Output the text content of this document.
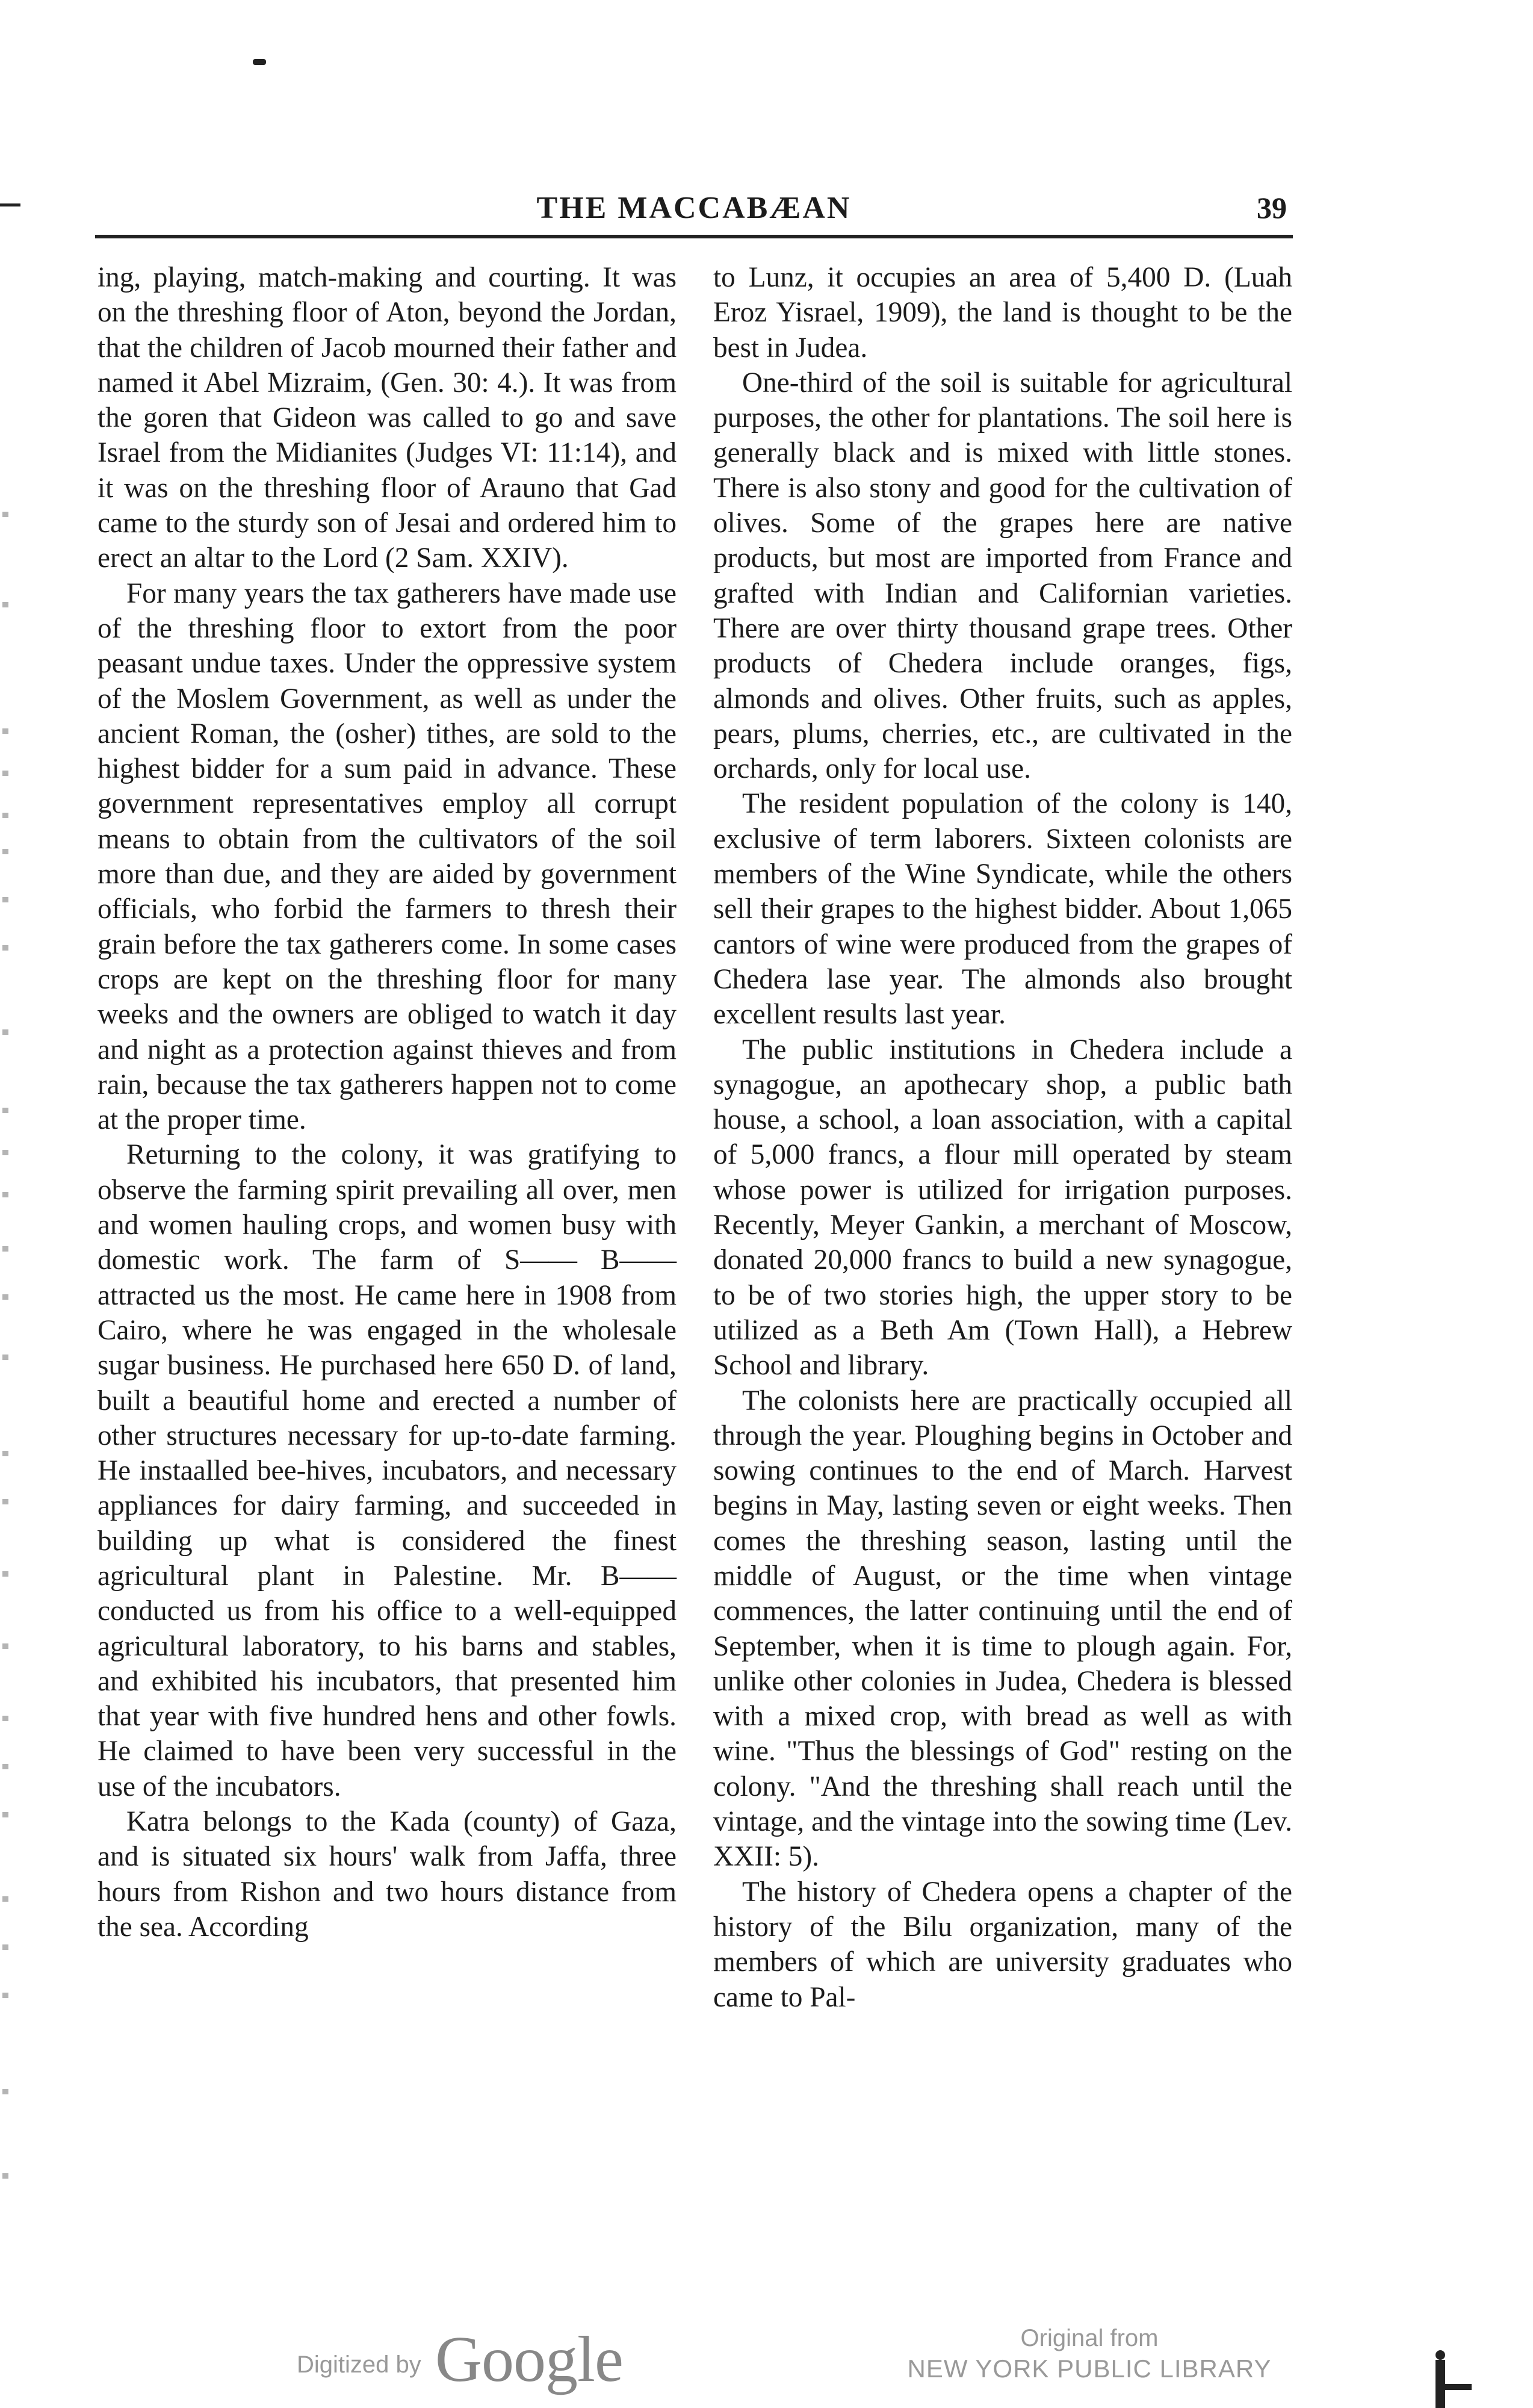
THE MACCABÆAN	39

ing, playing, match-making and courting. It was on the threshing floor of Aton, beyond the Jordan, that the children of Jacob mourned their father and named it Abel Mizraim, (Gen. 30: 4.). It was from the goren that Gideon was called to go and save Israel from the Midianites (Judges VI: 11:14), and it was on the threshing floor of Arauno that Gad came to the sturdy son of Jesai and ordered him to erect an altar to the Lord (2 Sam. XXIV).

For many years the tax gatherers have made use of the threshing floor to extort from the poor peasant undue taxes. Under the oppressive system of the Moslem Government, as well as under the ancient Roman, the (osher) tithes, are sold to the highest bidder for a sum paid in advance. These government representatives employ all corrupt means to obtain from the cultivators of the soil more than due, and they are aided by government officials, who forbid the farmers to thresh their grain before the tax gatherers come. In some cases crops are kept on the threshing floor for many weeks and the owners are obliged to watch it day and night as a protection against thieves and from rain, because the tax gatherers happen not to come at the proper time.

Returning to the colony, it was gratifying to observe the farming spirit prevailing all over, men and women hauling crops, and women busy with domestic work. The farm of S—— B—— attracted us the most. He came here in 1908 from Cairo, where he was engaged in the wholesale sugar business. He purchased here 650 D. of land, built a beautiful home and erected a number of other structures necessary for up-to-date farming. He instaalled bee-hives, incubators, and necessary appliances for dairy farming, and succeeded in building up what is considered the finest agricultural plant in Palestine. Mr. B—— conducted us from his office to a well-equipped agricultural laboratory, to his barns and stables, and exhibited his incubators, that presented him that year with five hundred hens and other fowls. He claimed to have been very successful in the use of the incubators.

Katra belongs to the Kada (county) of Gaza, and is situated six hours' walk from Jaffa, three hours from Rishon and two hours distance from the sea. According

to Lunz, it occupies an area of 5,400 D. (Luah Eroz Yisrael, 1909), the land is thought to be the best in Judea.

One-third of the soil is suitable for agricultural purposes, the other for plantations. The soil here is generally black and is mixed with little stones. There is also stony and good for the cultivation of olives. Some of the grapes here are native products, but most are imported from France and grafted with Indian and Californian varieties. There are over thirty thousand grape trees. Other products of Chedera include oranges, figs, almonds and olives. Other fruits, such as apples, pears, plums, cherries, etc., are cultivated in the orchards, only for local use.

The resident population of the colony is 140, exclusive of term laborers. Sixteen colonists are members of the Wine Syndicate, while the others sell their grapes to the highest bidder. About 1,065 cantors of wine were produced from the grapes of Chedera lase year. The almonds also brought excellent results last year.

The public institutions in Chedera include a synagogue, an apothecary shop, a public bath house, a school, a loan association, with a capital of 5,000 francs, a flour mill operated by steam whose power is utilized for irrigation purposes. Recently, Meyer Gankin, a merchant of Moscow, donated 20,000 francs to build a new synagogue, to be of two stories high, the upper story to be utilized as a Beth Am (Town Hall), a Hebrew School and library.

The colonists here are practically occupied all through the year. Ploughing begins in October and sowing continues to the end of March. Harvest begins in May, lasting seven or eight weeks. Then comes the threshing season, lasting until the middle of August, or the time when vintage commences, the latter continuing until the end of September, when it is time to plough again. For, unlike other colonies in Judea, Chedera is blessed with a mixed crop, with bread as well as with wine. "Thus the blessings of God" resting on the colony. "And the threshing shall reach until the vintage, and the vintage into the sowing time (Lev. XXII: 5).

The history of Chedera opens a chapter of the history of the Bilu organization, many of the members of which are university graduates who came to Pal-

Digitized by Google	Original from
NEW YORK PUBLIC LIBRARY
